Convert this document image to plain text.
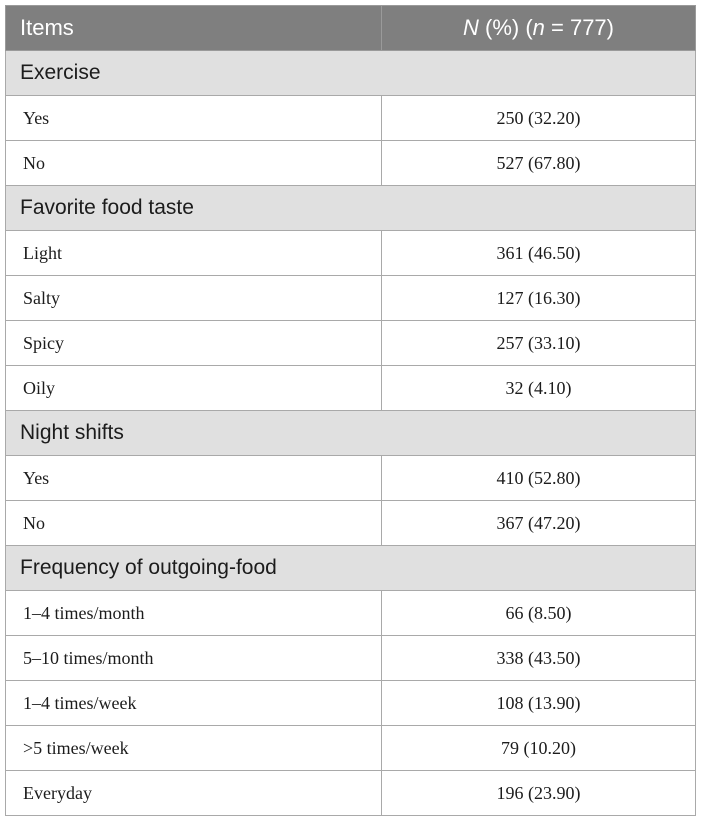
Items	N (%) (n = 777)
Exercise	
Yes	250 (32.20)
No	527 (67.80)
Favorite food taste	
Light	361 (46.50)
Salty	127 (16.30)
Spicy	257 (33.10)
Oily	32 (4.10)
Night shifts	
Yes	410 (52.80)
No	367 (47.20)
Frequency of outgoing-food	
1–4 times/month	66 (8.50)
5–10 times/month	338 (43.50)
1–4 times/week	108 (13.90)
>5 times/week	79 (10.20)
Everyday	196 (23.90)
